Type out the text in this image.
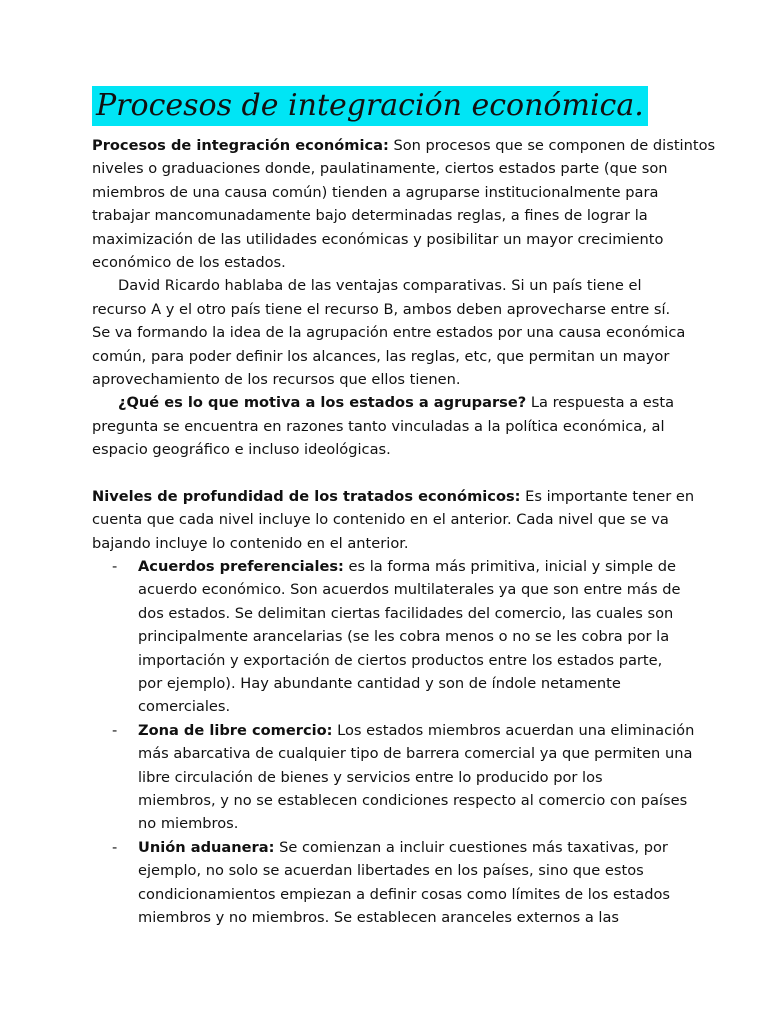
Procesos de integración económica.
Procesos de integración económica: Son procesos que se componen de distintos
niveles o graduaciones donde, paulatinamente, ciertos estados parte (que son
miembros de una causa común) tienden a agruparse institucionalmente para
trabajar mancomunadamente bajo determinadas reglas, a fines de lograr la
maximización de las utilidades económicas y posibilitar un mayor crecimiento
económico de los estados.
David Ricardo hablaba de las ventajas comparativas. Si un país tiene el
recurso A y el otro país tiene el recurso B, ambos deben aprovecharse entre sí.
Se va formando la idea de la agrupación entre estados por una causa económica
común, para poder definir los alcances, las reglas, etc, que permitan un mayor
aprovechamiento de los recursos que ellos tienen.
¿Qué es lo que motiva a los estados a agruparse? La respuesta a esta
pregunta se encuentra en razones tanto vinculadas a la política económica, al
espacio geográfico e incluso ideológicas.
Niveles de profundidad de los tratados económicos: Es importante tener en
cuenta que cada nivel incluye lo contenido en el anterior. Cada nivel que se va
bajando incluye lo contenido en el anterior.
-	Acuerdos preferenciales: es la forma más primitiva, inicial y simple de
acuerdo económico. Son acuerdos multilaterales ya que son entre más de
dos estados. Se delimitan ciertas facilidades del comercio, las cuales son
principalmente arancelarias (se les cobra menos o no se les cobra por la
importación y exportación de ciertos productos entre los estados parte,
por ejemplo). Hay abundante cantidad y son de índole netamente
comerciales.
-	Zona de libre comercio: Los estados miembros acuerdan una eliminación
más abarcativa de cualquier tipo de barrera comercial ya que permiten una
libre circulación de bienes y servicios entre lo producido por los
miembros, y no se establecen condiciones respecto al comercio con países
no miembros.
-	Unión aduanera: Se comienzan a incluir cuestiones más taxativas, por
ejemplo, no solo se acuerdan libertades en los países, sino que estos
condicionamientos empiezan a definir cosas como límites de los estados
miembros y no miembros. Se establecen aranceles externos a las
